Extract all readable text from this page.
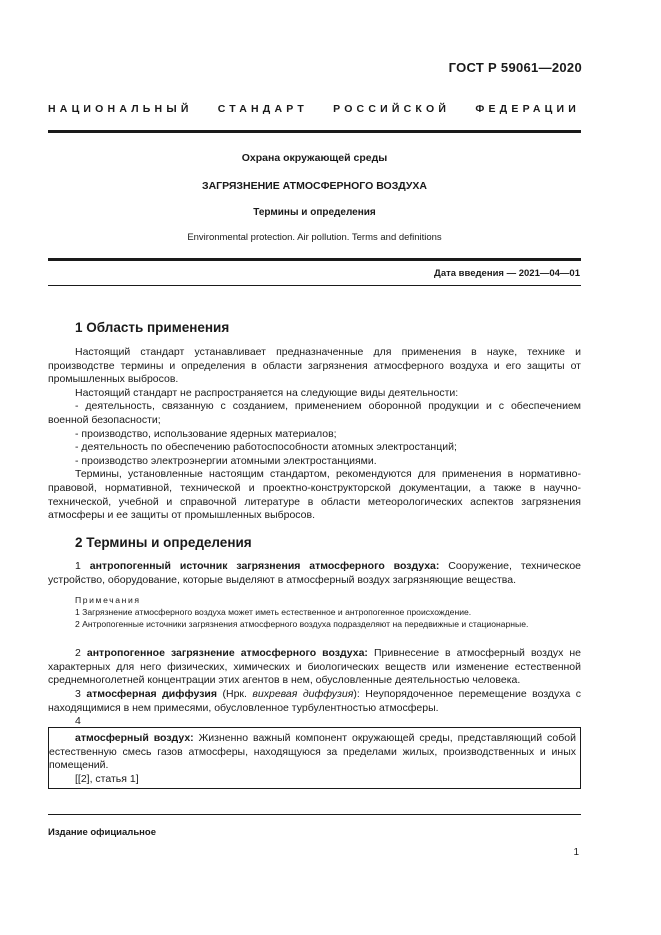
ГОСТ Р 59061—2020
НАЦИОНАЛЬНЫЙ СТАНДАРТ РОССИЙСКОЙ ФЕДЕРАЦИИ
Охрана окружающей среды
ЗАГРЯЗНЕНИЕ АТМОСФЕРНОГО ВОЗДУХА
Термины и определения
Environmental protection. Air pollution. Terms and definitions
Дата введения — 2021—04—01
1 Область применения

Настоящий стандарт устанавливает предназначенные для применения в науке, технике и производстве термины и определения в области загрязнения атмосферного воздуха и его защиты от промышленных выбросов.

Настоящий стандарт не распространяется на следующие виды деятельности:

- деятельность, связанную с созданием, применением оборонной продукции и с обеспечением военной безопасности;

- производство, использование ядерных материалов;

- деятельность по обеспечению работоспособности атомных электростанций;

- производство электроэнергии атомными электростанциями.

Термины, установленные настоящим стандартом, рекомендуются для применения в нормативно-правовой, нормативной, технической и проектно-конструкторской документации, а также в научно-технической, учебной и справочной литературе в области метеорологических аспектов загрязнения атмосферы и ее защиты от промышленных выбросов.

2 Термины и определения

1 антропогенный источник загрязнения атмосферного воздуха: Сооружение, техническое устройство, оборудование, которые выделяют в атмосферный воздух загрязняющие вещества.

Примечания

1 Загрязнение атмосферного воздуха может иметь естественное и антропогенное происхождение.

2 Антропогенные источники загрязнения атмосферного воздуха подразделяют на передвижные и стационарные.

2 антропогенное загрязнение атмосферного воздуха: Привнесение в атмосферный воздух не характерных для него физических, химических и биологических веществ или изменение естественной среднемноголетней концентрации этих агентов в нем, обусловленные деятельностью человека.

3 атмосферная диффузия (Нрк. вихревая диффузия): Неупорядоченное перемещение воздуха с находящимися в нем примесями, обусловленное турбулентностью атмосферы.

4

атмосферный воздух: Жизненно важный компонент окружающей среды, представляющий собой естественную смесь газов атмосферы, находящуюся за пределами жилых, производственных и иных помещений.

[[2], статья 1]

Издание официальное
1
